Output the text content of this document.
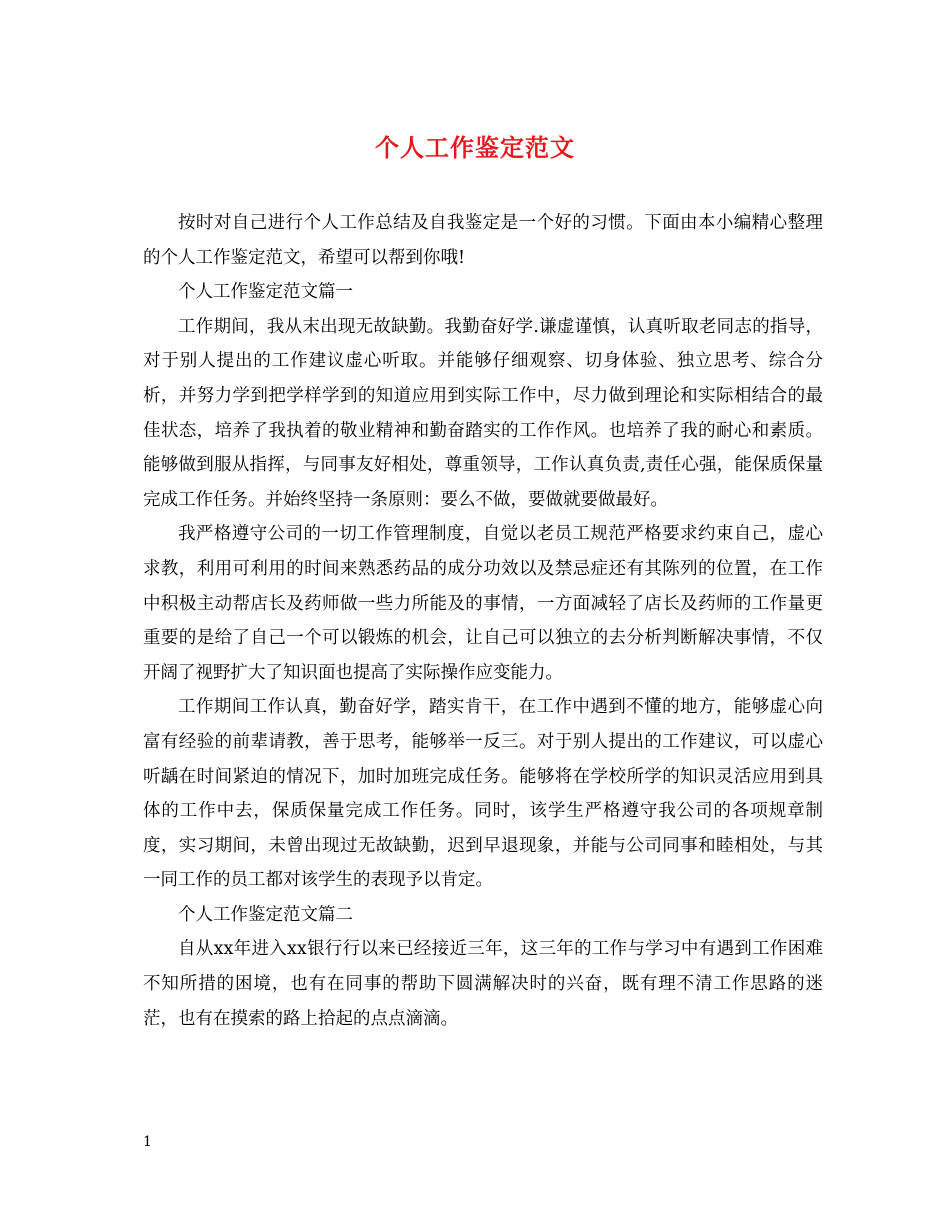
个人工作鉴定范文

按时对自己进行个人工作总结及自我鉴定是一个好的习惯。下面由本小编精心整理的个人工作鉴定范文，希望可以帮到你哦!

个人工作鉴定范文篇一

工作期间，我从末出现无故缺勤。我勤奋好学.谦虚谨慎，认真听取老同志的指导，对于别人提出的工作建议虚心听取。并能够仔细观察、切身体验、独立思考、综合分析，并努力学到把学样学到的知道应用到实际工作中，尽力做到理论和实际相结合的最佳状态，培养了我执着的敬业精神和勤奋踏实的工作作风。也培养了我的耐心和素质。能够做到服从指挥，与同事友好相处，尊重领导，工作认真负责,责任心强，能保质保量完成工作任务。并始终坚持一条原则：要么不做，要做就要做最好。

我严格遵守公司的一切工作管理制度，自觉以老员工规范严格要求约束自己，虚心求教，利用可利用的时间来熟悉药品的成分功效以及禁忌症还有其陈列的位置，在工作中积极主动帮店长及药师做一些力所能及的事情，一方面减轻了店长及药师的工作量更重要的是给了自己一个可以锻炼的机会，让自己可以独立的去分析判断解决事情，不仅开阔了视野扩大了知识面也提高了实际操作应变能力。

工作期间工作认真，勤奋好学，踏实肯干，在工作中遇到不懂的地方，能够虚心向富有经验的前辈请教，善于思考，能够举一反三。对于别人提出的工作建议，可以虚心听龋在时间紧迫的情况下，加时加班完成任务。能够将在学校所学的知识灵活应用到具体的工作中去，保质保量完成工作任务。同时，该学生严格遵守我公司的各项规章制度，实习期间，未曾出现过无故缺勤，迟到早退现象，并能与公司同事和睦相处，与其一同工作的员工都对该学生的表现予以肯定。

个人工作鉴定范文篇二

自从xx年进入xx银行行以来已经接近三年，这三年的工作与学习中有遇到工作困难不知所措的困境，也有在同事的帮助下圆满解决时的兴奋，既有理不清工作思路的迷茫，也有在摸索的路上拾起的点点滴滴。

1
